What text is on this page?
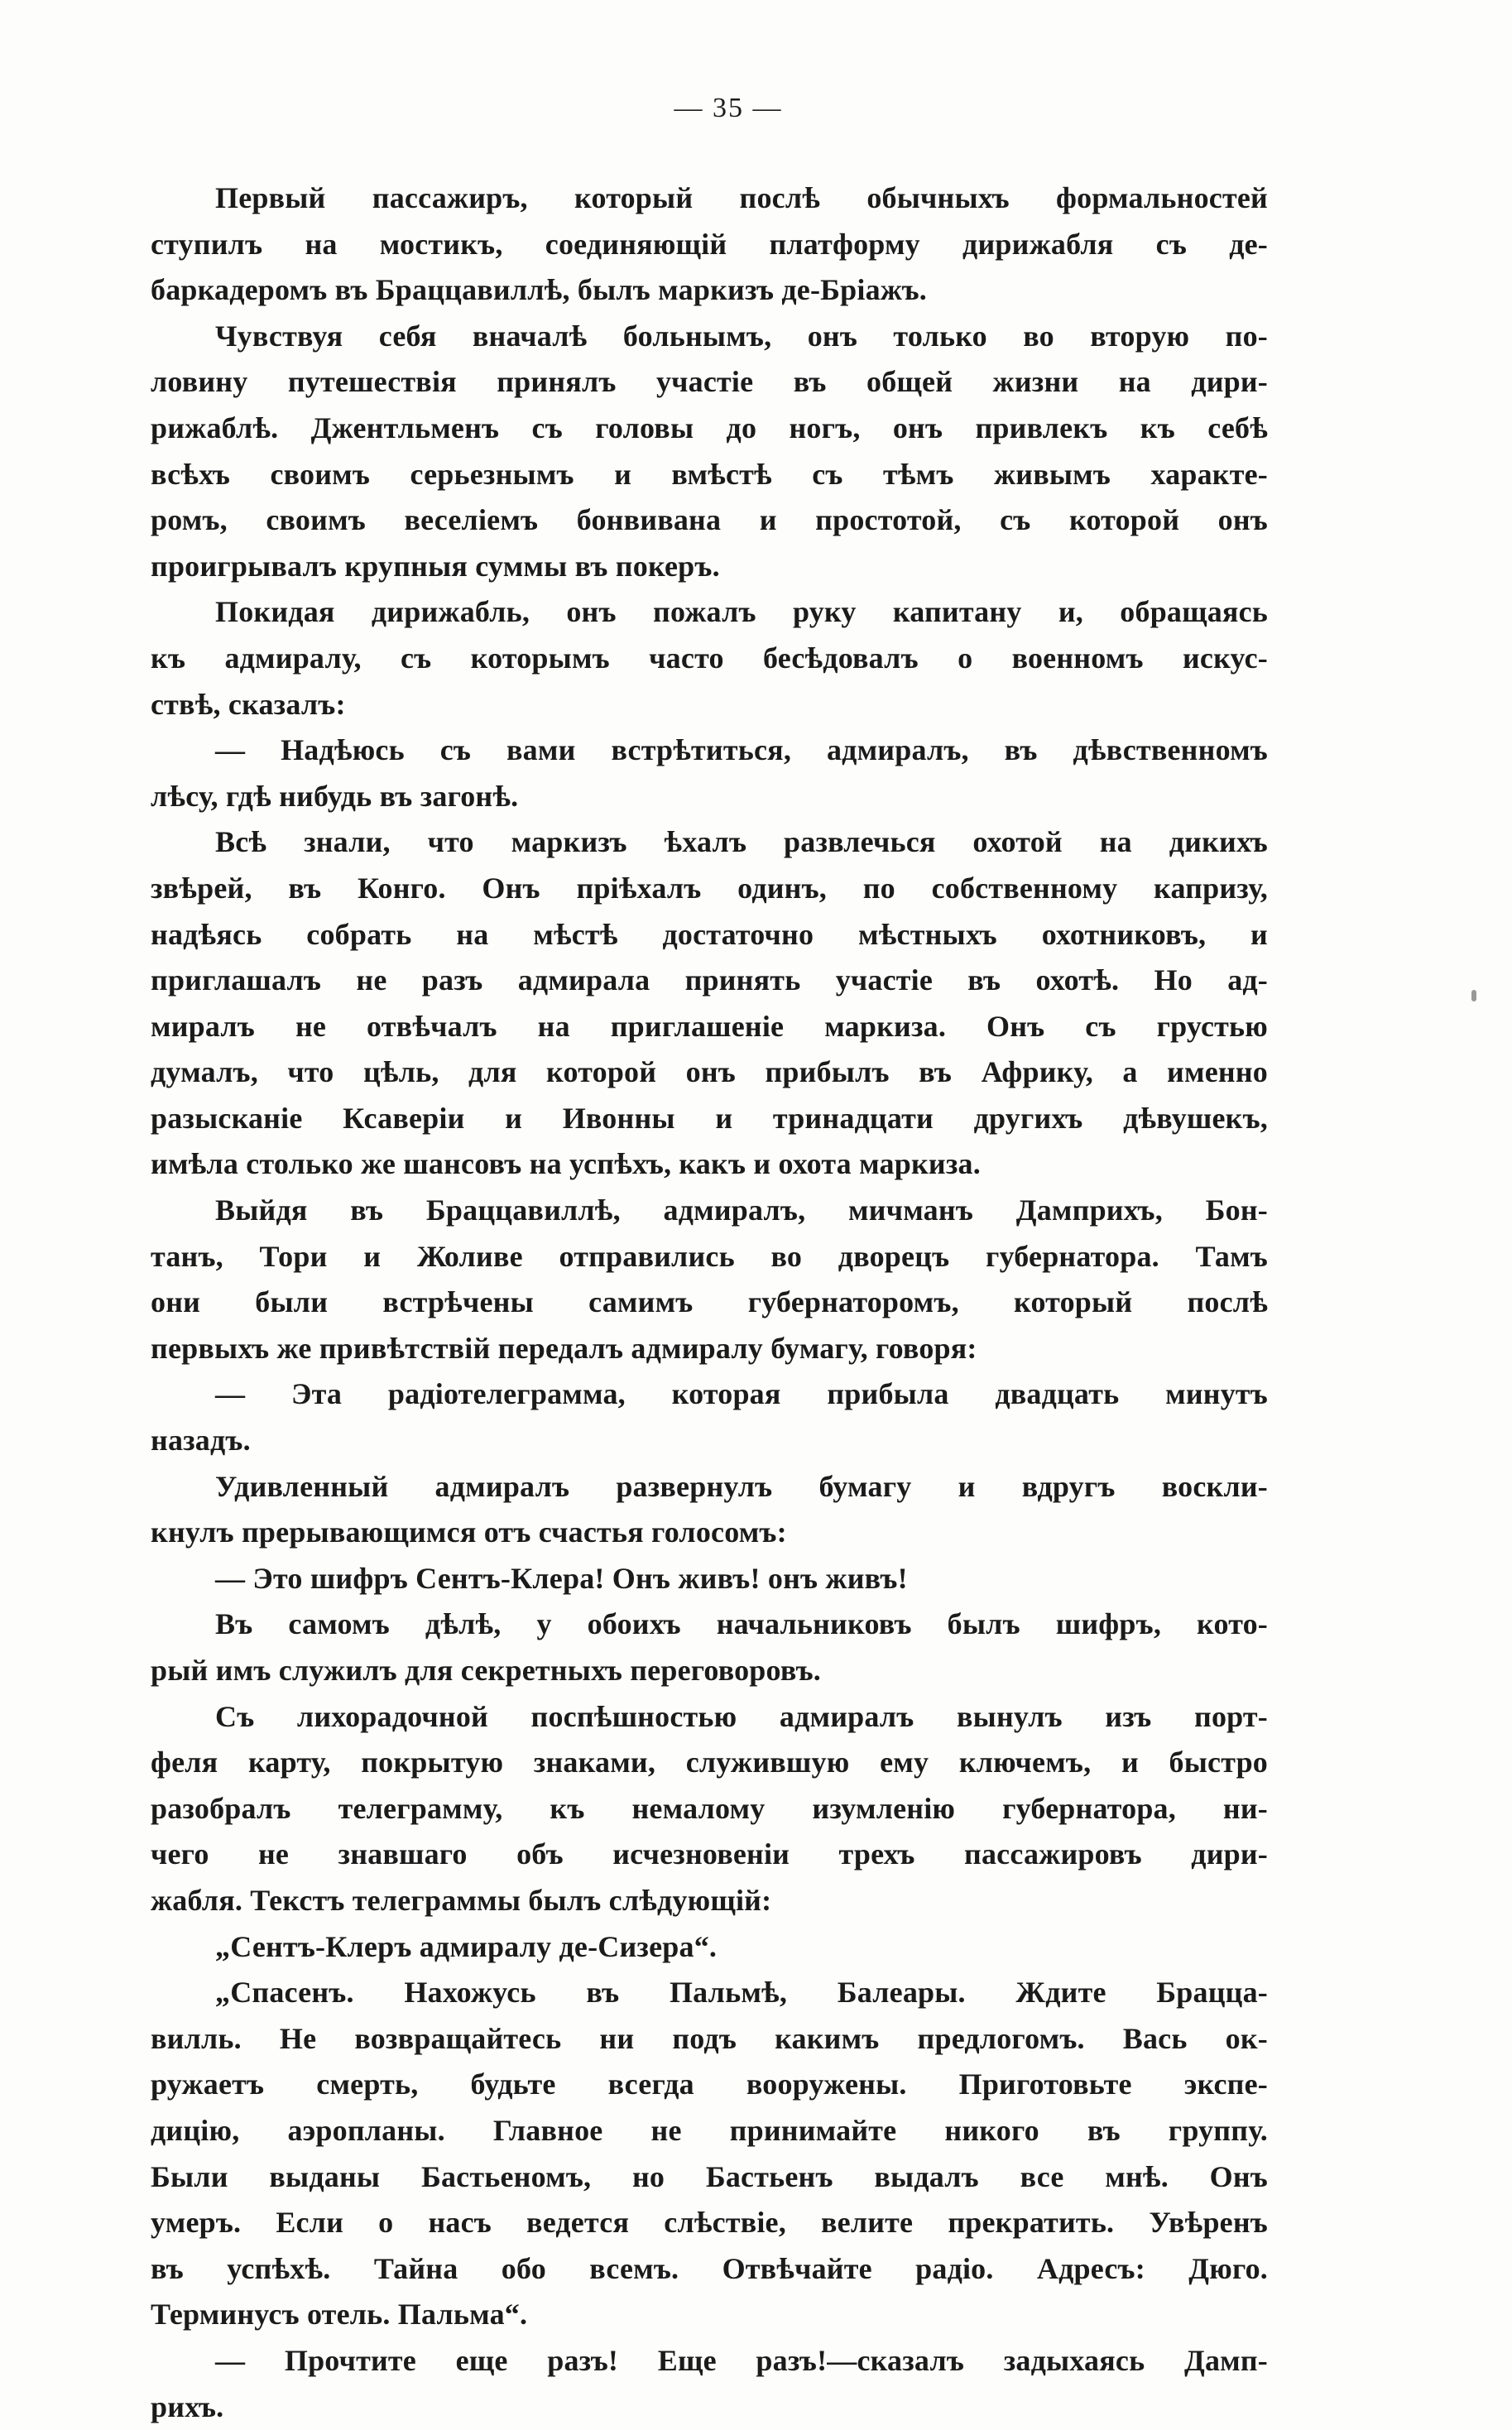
— 35 —
Первый пассажиръ, который послѣ обычныхъ формальностей
ступилъ на мостикъ, соединяющій платформу дирижабля съ де-
баркадеромъ въ Браццавиллѣ, былъ маркизъ де-Бріажъ.
Чувствуя себя вначалѣ больнымъ, онъ только во вторую по-
ловину путешествія принялъ участіе въ общей жизни на дири-
рижаблѣ. Джентльменъ съ головы до ногъ, онъ привлекъ къ себѣ
всѣхъ своимъ серьезнымъ и вмѣстѣ съ тѣмъ живымъ характе-
ромъ, своимъ веселіемъ бонвивана и простотой, съ которой онъ
проигрывалъ крупныя суммы въ покеръ.
Покидая дирижабль, онъ пожалъ руку капитану и, обращаясь
къ адмиралу, съ которымъ часто бесѣдовалъ о военномъ искус-
ствѣ, сказалъ:
— Надѣюсь съ вами встрѣтиться, адмиралъ, въ дѣвственномъ
лѣсу, гдѣ нибудь въ загонѣ.
Всѣ знали, что маркизъ ѣхалъ развлечься охотой на дикихъ
звѣрей, въ Конго. Онъ пріѣхалъ одинъ, по собственному капризу,
надѣясь собрать на мѣстѣ достаточно мѣстныхъ охотниковъ, и
приглашалъ не разъ адмирала принять участіе въ охотѣ. Но ад-
миралъ не отвѣчалъ на приглашеніе маркиза. Онъ съ грустью
думалъ, что цѣль, для которой онъ прибылъ въ Африку, а именно
разысканіе Ксаверіи и Ивонны и тринадцати другихъ дѣвушекъ,
имѣла столько же шансовъ на успѣхъ, какъ и охота маркиза.
Выйдя въ Браццавиллѣ, адмиралъ, мичманъ Дамприхъ, Бон-
танъ, Тори и Жоливе отправились во дворецъ губернатора. Тамъ
они были встрѣчены самимъ губернаторомъ, который послѣ
первыхъ же привѣтствій передалъ адмиралу бумагу, говоря:
— Эта радіотелеграмма, которая прибыла двадцать минутъ
назадъ.
Удивленный адмиралъ развернулъ бумагу и вдругъ воскли-
кнулъ прерывающимся отъ счастья голосомъ:
— Это шифръ Сентъ-Клера! Онъ живъ! онъ живъ!
Въ самомъ дѣлѣ, у обоихъ начальниковъ былъ шифръ, кото-
рый имъ служилъ для секретныхъ переговоровъ.
Съ лихорадочной поспѣшностью адмиралъ вынулъ изъ порт-
феля карту, покрытую знаками, служившую ему ключемъ, и быстро
разобралъ телеграмму, къ немалому изумленію губернатора, ни-
чего не знавшаго объ исчезновеніи трехъ пассажировъ дири-
жабля. Текстъ телеграммы былъ слѣдующій:
„Сентъ-Клеръ адмиралу де-Сизера“.
„Спасенъ. Нахожусь въ Пальмѣ, Балеары. Ждите Брацца-
вилль. Не возвращайтесь ни подъ какимъ предлогомъ. Вась ок-
ружаетъ смерть, будьте всегда вооружены. Приготовьте экспе-
дицію, аэропланы. Главное не принимайте никого въ группу.
Были выданы Бастьеномъ, но Бастьенъ выдалъ все мнѣ. Онъ
умеръ. Если о насъ ведется слѣствіе, велите прекратить. Увѣренъ
въ успѣхѣ. Тайна обо всемъ. Отвѣчайте радіо. Адресъ: Дюго.
Терминусъ отель. Пальма“.
— Прочтите еще разъ! Еще разъ!—сказалъ задыхаясь Дамп-
рихъ.
